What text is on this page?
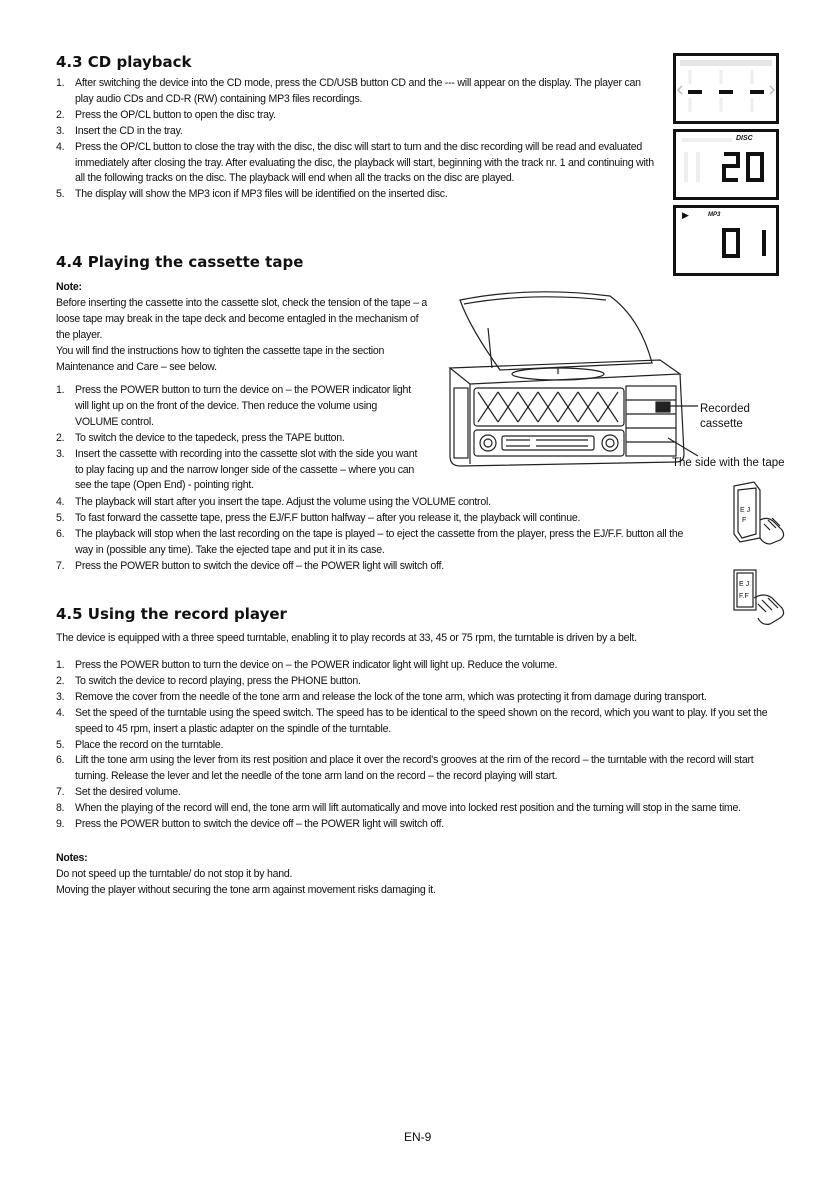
4.3 CD playback
1. After switching the device into the CD mode, press the CD/USB button CD and the --- will appear on the display. The player can play audio CDs and CD-R (RW) containing MP3 files recordings.
2. Press the OP/CL button to open the disc tray.
3. Insert the CD in the tray.
4. Press the OP/CL button to close the tray with the disc, the disc will start to turn and the disc recording will be read and evaluated immediately after closing the tray. After evaluating the disc, the playback will start, beginning with the track nr. 1 and continuing with all the following tracks on the disc. The playback will end when all the tracks on the disc are played.
5. The display will show the MP3 icon if MP3 files will be identified on the inserted disc.
·
DISC
▶	MP3
4.4 Playing the cassette tape

Note:

Before inserting the cassette into the cassette slot, check the tension of the tape – a loose tape may break in the tape deck and become entagled in the mechanism of the player.

You will find the instructions how to tighten the cassette tape in the section Maintenance and Care – see below.

1. Press the POWER button to turn the device on – the POWER indicator light will light up on the front of the device. Then reduce the volume using VOLUME control.
2. To switch the device to the tapedeck, press the TAPE button.
3. Insert the cassette with recording into the cassette slot with the side you want to play facing up and the narrow longer side of the cassette – where you can see the tape (Open End) - pointing right.
4. The playback will start after you insert the tape. Adjust the volume using the VOLUME control.
5. To fast forward the cassette tape, press the EJ/F.F button halfway – after you release it, the playback will continue.
6. The playback will stop when the last recording on the tape is played – to eject the cassette from the player, press the EJ/F.F. button all the way in (possible any time). Take the ejected tape and put it in its case.
7. Press the POWER button to switch the device off – the POWER light will switch off.
Recorded cassette
The side with the tape
E J
F
E J
F.F
4.5 Using the record player

The device is equipped with a three speed turntable, enabling it to play records at 33, 45 or 75 rpm, the turntable is driven by a belt.

1. Press the POWER button to turn the device on – the POWER indicator light will light up. Reduce the volume.
2. To switch the device to record playing, press the PHONE button.
3. Remove the cover from the needle of the tone arm and release the lock of the tone arm, which was protecting it from damage during transport.
4. Set the speed of the turntable using the speed switch. The speed has to be identical to the speed shown on the record, which you want to play. If you set the speed to 45 rpm, insert a plastic adapter on the spindle of the turntable.
5. Place the record on the turntable.
6. Lift the tone arm using the lever from its rest position and place it over the record's grooves at the rim of the record – the turntable with the record will start turning. Release the lever and let the needle of the tone arm land on the record – the record playing will start.
7. Set the desired volume.
8. When the playing of the record will end, the tone arm will lift automatically and move into locked rest position and the turning will stop in the same time.
9. Press the POWER button to switch the device off – the POWER light will switch off.

Notes:

Do not speed up the turntable/ do not stop it by hand.

Moving the player without securing the tone arm against movement risks damaging it.

EN-9
